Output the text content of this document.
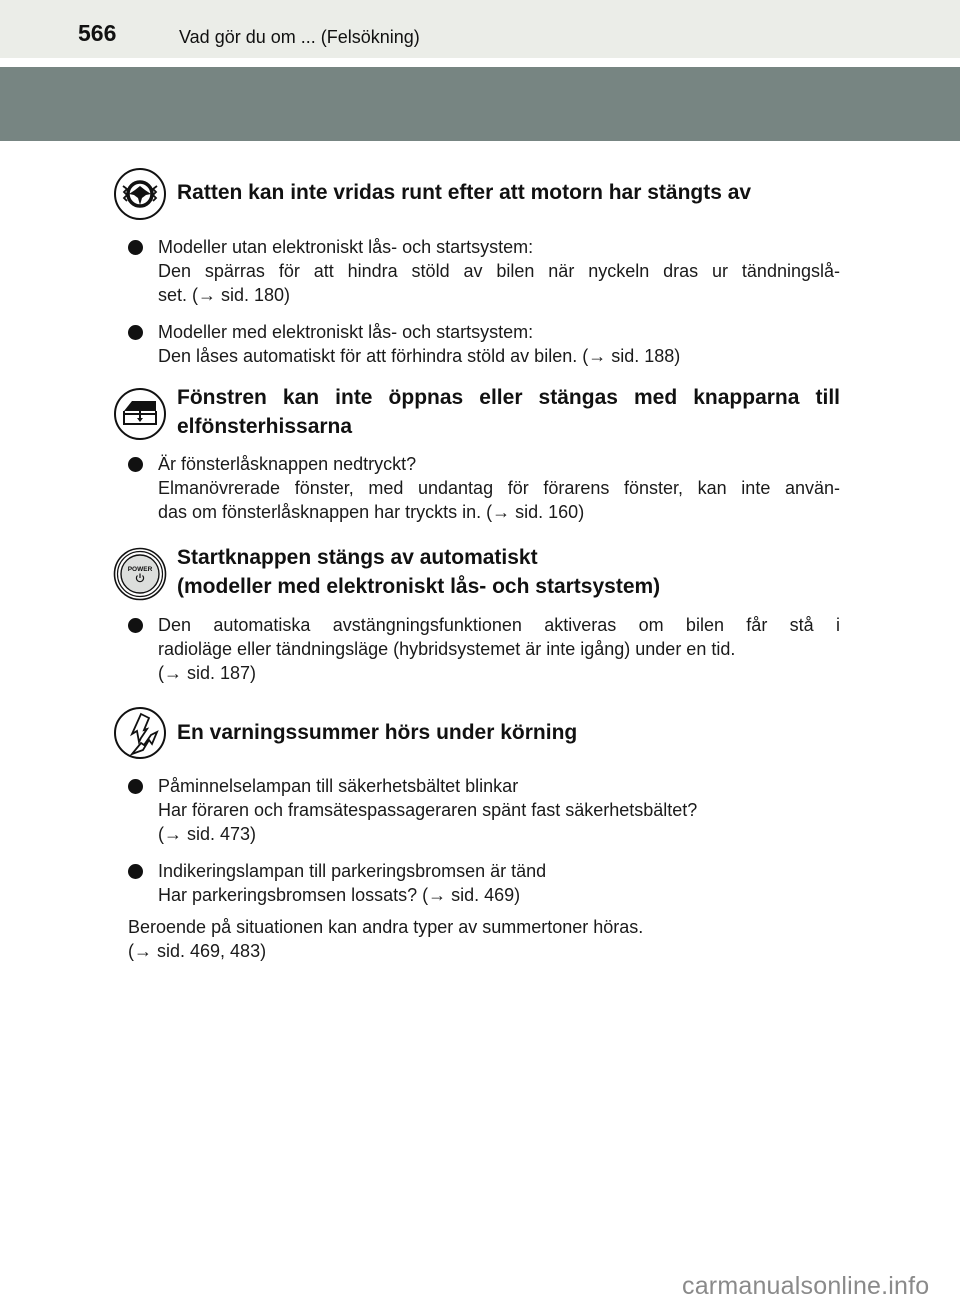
566	Vad gör du om ... (Felsökning)
Ratten kan inte vridas runt efter att motorn har stängts av
Modeller utan elektroniskt lås- och startsystem:
Den spärras för att hindra stöld av bilen när nyckeln dras ur tändningslå-
set. (→ sid. 180)
Modeller med elektroniskt lås- och startsystem:
Den låses automatiskt för att förhindra stöld av bilen. (→ sid. 188)
Fönstren kan inte öppnas eller stängas med knapparna till
elfönsterhissarna
Är fönsterlåsknappen nedtryckt?
Elmanövrerade fönster, med undantag för förarens fönster, kan inte använ-
das om fönsterlåsknappen har tryckts in. (→ sid. 160)
POWER
Startknappen stängs av automatiskt
(modeller med elektroniskt lås- och startsystem)
Den automatiska avstängningsfunktionen aktiveras om bilen får stå i
radioläge eller tändningsläge (hybridsystemet är inte igång) under en tid.
(→ sid. 187)
En varningssummer hörs under körning
Påminnelselampan till säkerhetsbältet blinkar
Har föraren och framsätespassageraren spänt fast säkerhetsbältet?
(→ sid. 473)
Indikeringslampan till parkeringsbromsen är tänd
Har parkeringsbromsen lossats? (→ sid. 469)
Beroende på situationen kan andra typer av summertoner höras.
(→ sid. 469, 483)
carmanualsonline.info
